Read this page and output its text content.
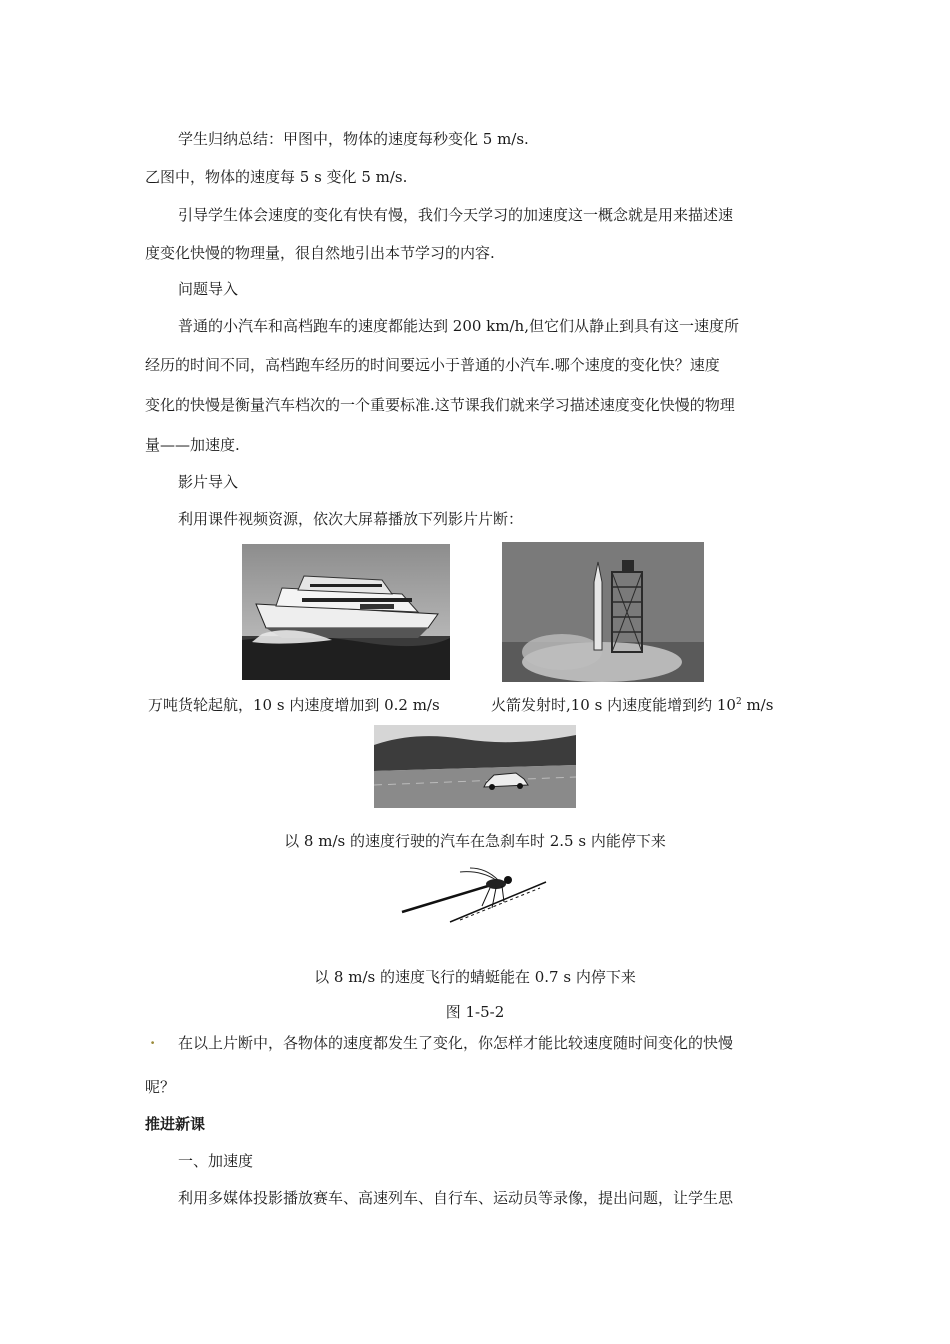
学生归纳总结：甲图中，物体的速度每秒变化 5 m/s.
乙图中，物体的速度每 5 s 变化 5 m/s.
引导学生体会速度的变化有快有慢，我们今天学习的加速度这一概念就是用来描述速
度变化快慢的物理量，很自然地引出本节学习的内容.
问题导入
普通的小汽车和高档跑车的速度都能达到 200 km/h,但它们从静止到具有这一速度所
经历的时间不同，高档跑车经历的时间要远小于普通的小汽车.哪个速度的变化快？速度
变化的快慢是衡量汽车档次的一个重要标准.这节课我们就来学习描述速度变化快慢的物理
量——加速度.
影片导入
利用课件视频资源，依次大屏幕播放下列影片片断：
万吨货轮起航，10 s 内速度增加到 0.2 m/s	火箭发射时,10 s 内速度能增到约 $10^2$ m/s
以 8 m/s 的速度行驶的汽车在急刹车时 2.5 s 内能停下来
以 8 m/s 的速度飞行的蜻蜓能在 0.7 s 内停下来
图 1-5-2
. 在以上片断中，各物体的速度都发生了变化，你怎样才能比较速度随时间变化的快慢
呢？
推进新课
一、加速度
利用多媒体投影播放赛车、高速列车、自行车、运动员等录像，提出问题，让学生思
